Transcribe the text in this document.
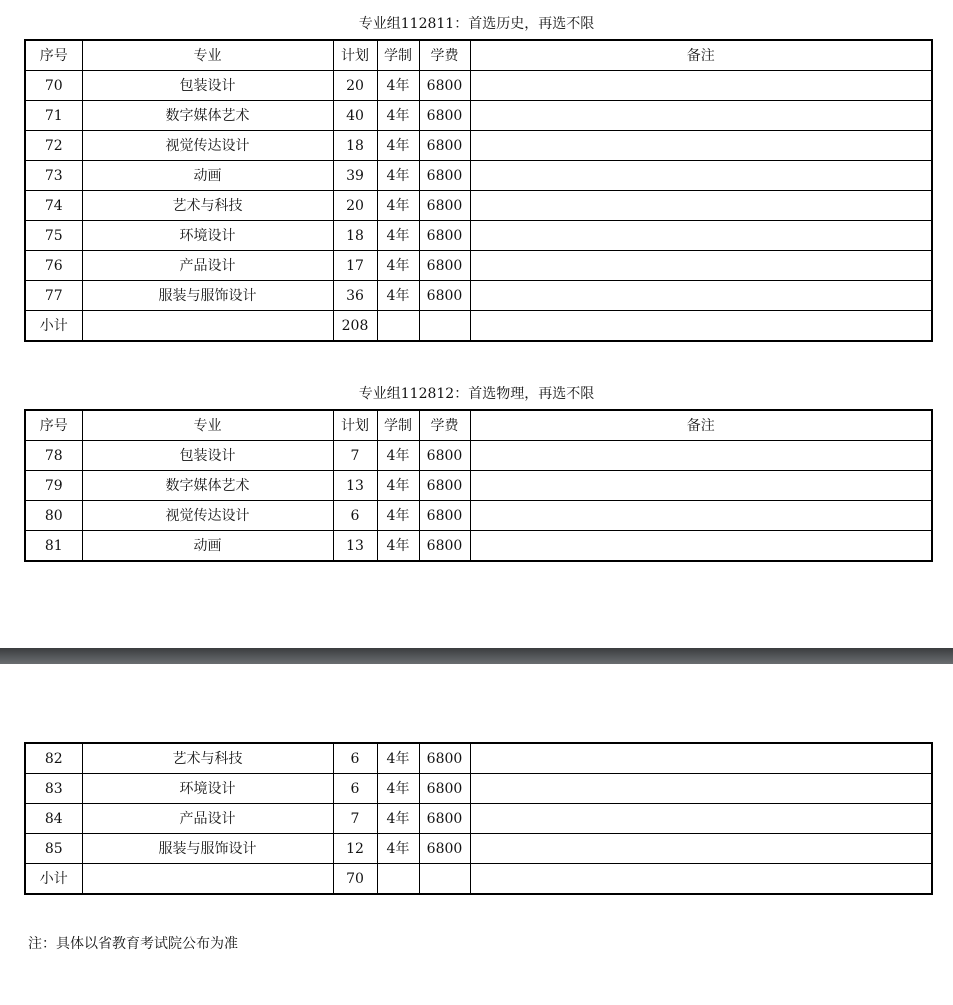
专业组112811：首选历史，再选不限
序号	专业	计划	学制	学费	备注
70	包装设计	20	4年	6800	
71	数字媒体艺术	40	4年	6800	
72	视觉传达设计	18	4年	6800	
73	动画	39	4年	6800	
74	艺术与科技	20	4年	6800	
75	环境设计	18	4年	6800	
76	产品设计	17	4年	6800	
77	服装与服饰设计	36	4年	6800	
小计		208			
专业组112812：首选物理，再选不限
序号	专业	计划	学制	学费	备注
78	包装设计	7	4年	6800	
79	数字媒体艺术	13	4年	6800	
80	视觉传达设计	6	4年	6800	
81	动画	13	4年	6800	
82	艺术与科技	6	4年	6800	
83	环境设计	6	4年	6800	
84	产品设计	7	4年	6800	
85	服装与服饰设计	12	4年	6800	
小计		70			
注：具体以省教育考试院公布为准
